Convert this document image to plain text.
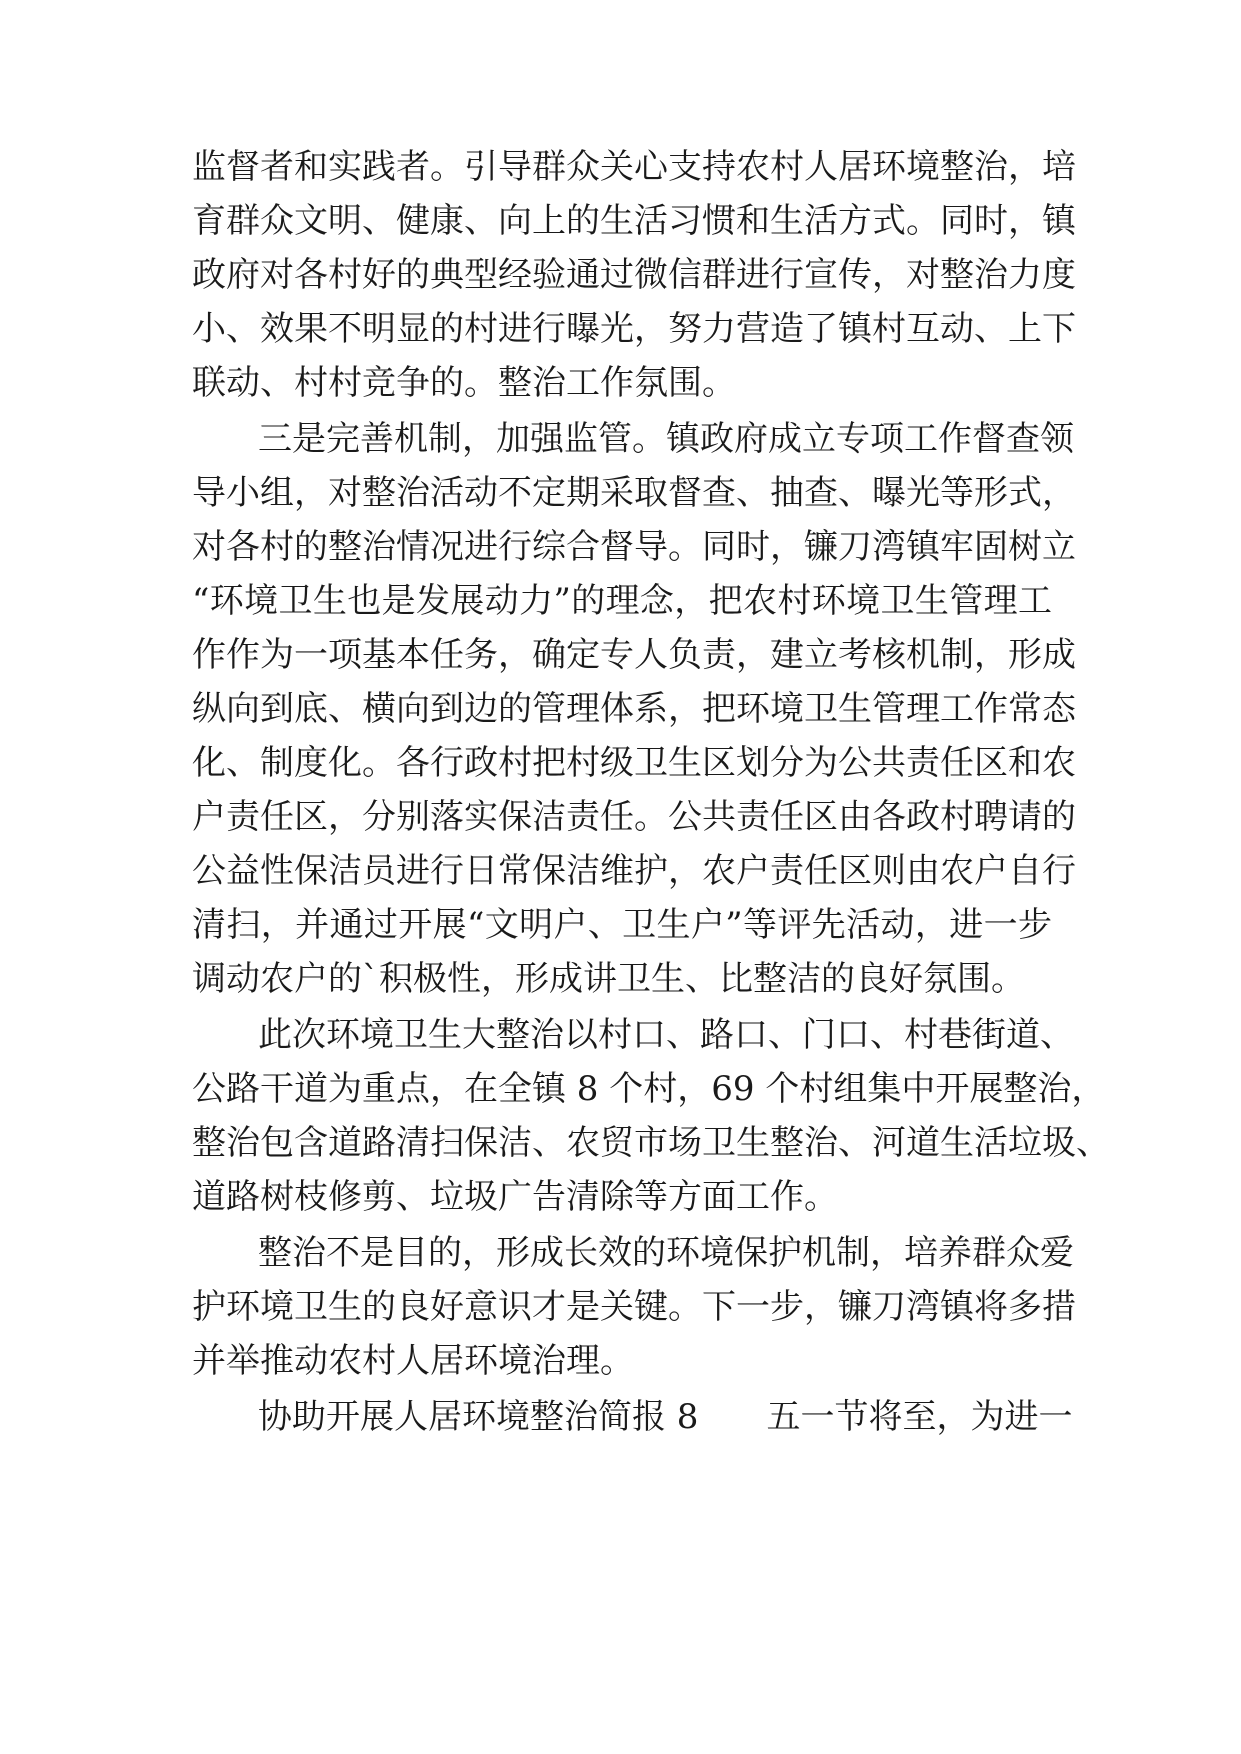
监督者和实践者。引导群众关心支持农村人居环境整治，培
育群众文明、健康、向上的生活习惯和生活方式。同时，镇
政府对各村好的典型经验通过微信群进行宣传，对整治力度
小、效果不明显的村进行曝光，努力营造了镇村互动、上下
联动、村村竞争的。整治工作氛围。
三是完善机制，加强监管。镇政府成立专项工作督查领
导小组，对整治活动不定期采取督查、抽查、曝光等形式，
对各村的整治情况进行综合督导。同时，镰刀湾镇牢固树立
“环境卫生也是发展动力”的理念，把农村环境卫生管理工
作作为一项基本任务，确定专人负责，建立考核机制，形成
纵向到底、横向到边的管理体系，把环境卫生管理工作常态
化、制度化。各行政村把村级卫生区划分为公共责任区和农
户责任区，分别落实保洁责任。公共责任区由各政村聘请的
公益性保洁员进行日常保洁维护，农户责任区则由农户自行
清扫，并通过开展“文明户、卫生户”等评先活动，进一步
调动农户的`积极性，形成讲卫生、比整洁的良好氛围。
此次环境卫生大整治以村口、路口、门口、村巷街道、
公路干道为重点，在全镇 8 个村，69 个村组集中开展整治，
整治包含道路清扫保洁、农贸市场卫生整治、河道生活垃圾、
道路树枝修剪、垃圾广告清除等方面工作。
整治不是目的，形成长效的环境保护机制，培养群众爱
护环境卫生的良好意识才是关键。下一步，镰刀湾镇将多措
并举推动农村人居环境治理。
协助开展人居环境整治简报 8　　五一节将至，为进一
